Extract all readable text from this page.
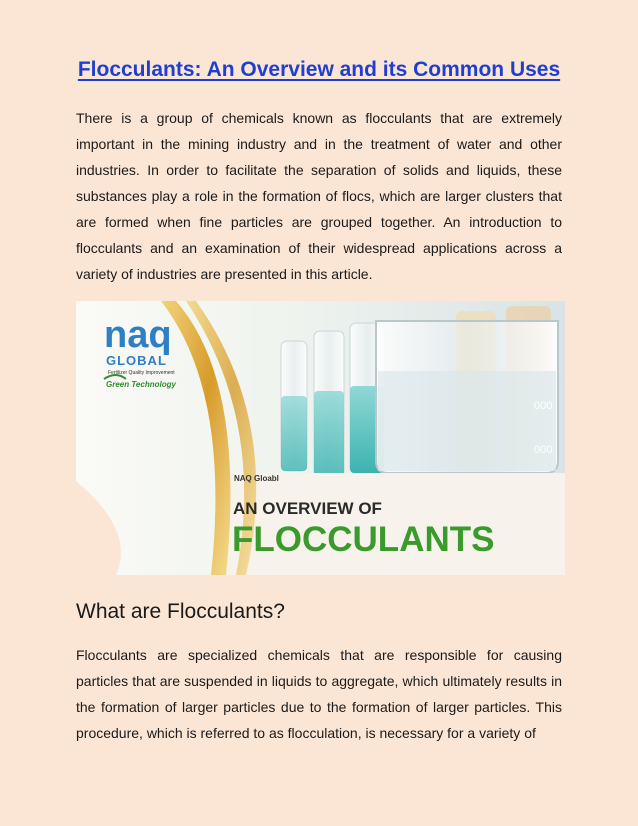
Flocculants: An Overview and its Common Uses

There is a group of chemicals known as flocculants that are extremely important in the mining industry and in the treatment of water and other industries. In order to facilitate the separation of solids and liquids, these substances play a role in the formation of flocs, which are larger clusters that are formed when fine particles are grouped together. An introduction to flocculants and an examination of their widespread applications across a variety of industries are presented in this article.

000
000
naq
GLOBAL
Fertilizer Quality Improvement
Green Technology
NAQ Gloabl
AN OVERVIEW OF
FLOCCULANTS
What are Flocculants?

Flocculants are specialized chemicals that are responsible for causing particles that are suspended in liquids to aggregate, which ultimately results in the formation of larger particles due to the formation of larger particles. This procedure, which is referred to as flocculation, is necessary for a variety of
